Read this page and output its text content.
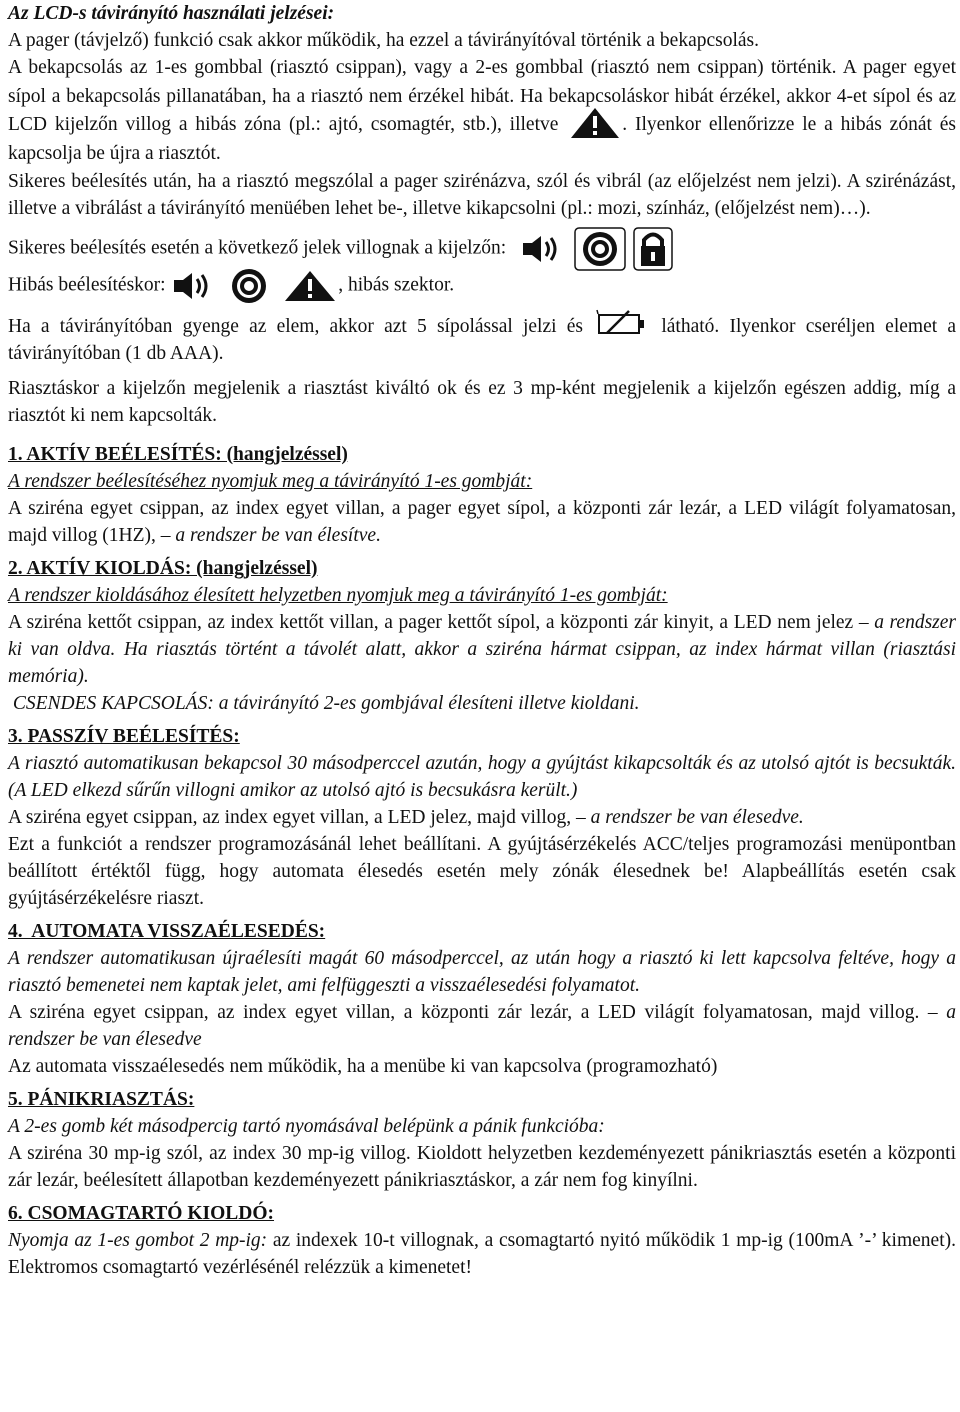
Az LCD-s távirányító használati jelzései:

A pager (távjelző) funkció csak akkor működik, ha ezzel a távirányítóval történik a bekapcsolás.

A bekapcsolás az 1-es gombbal (riasztó csippan), vagy a 2-es gombbal (riasztó nem csippan) történik. A pager egyet sípol a bekapcsolás pillanatában, ha a riasztó nem érzékel hibát. Ha bekapcsoláskor hibát érzékel, akkor 4-et sípol és az LCD kijelzőn villog a hibás zóna (pl.: ajtó, csomagtér, stb.), illetve	. Ilyenkor ellenőrizze le a hibás zónát és kapcsolja be újra a riasztót.

Sikeres beélesítés után, ha a riasztó megszólal a pager szirénázva, szól és vibrál (az előjelzést nem jelzi). A szirénázást, illetve a vibrálást a távirányító menüében lehet be-, illetve kikapcsolni (pl.: mozi, színház, (előjelzést nem)…).

Sikeres beélesítés esetén a következő jelek villognak a kijelzőn:

Hibás beélesítéskor:	, hibás szektor.

Ha a távirányítóban gyenge az elem, akkor azt 5 sípolással jelzi és	látható. Ilyenkor cseréljen elemet a távirányítóban (1 db AAA).

Riasztáskor a kijelzőn megjelenik a riasztást kiváltó ok és ez 3 mp-ként megjelenik a kijelzőn egészen addig, míg a riasztót ki nem kapcsolták.

1. AKTÍV BEÉLESÍTÉS: (hangjelzéssel)

A rendszer beélesítéséhez nyomjuk meg a távirányító 1-es gombját:

A sziréna egyet csippan, az index egyet villan, a pager egyet sípol, a központi zár lezár, a LED világít folyamatosan, majd villog (1HZ), – a rendszer be van élesítve.

2. AKTÍV KIOLDÁS: (hangjelzéssel)

A rendszer kioldásához élesített helyzetben nyomjuk meg a távirányító 1-es gombját:

A sziréna kettőt csippan, az index kettőt villan, a pager kettőt sípol, a központi zár kinyit, a LED nem jelez – a rendszer ki van oldva. Ha riasztás történt a távolét alatt, akkor a sziréna hármat csippan, az index hármat villan (riasztási memória).

CSENDES KAPCSOLÁS: a távirányító 2-es gombjával élesíteni illetve kioldani.

3. PASSZÍV BEÉLESÍTÉS:

A riasztó automatikusan bekapcsol 30 másodperccel azután, hogy a gyújtást kikapcsolták és az utolsó ajtót is becsukták.(A LED elkezd sűrűn villogni amikor az utolsó ajtó is becsukásra került.)

A sziréna egyet csippan, az index egyet villan, a LED jelez, majd villog, – a rendszer be van élesedve.

Ezt a funkciót a rendszer programozásánál lehet beállítani. A gyújtásérzékelés ACC/teljes programozási menüpontban beállított értéktől függ, hogy automata élesedés esetén mely zónák élesednek be! Alapbeállítás esetén csak gyújtásérzékelésre riaszt.

4.  AUTOMATA VISSZAÉLESEDÉS:

A rendszer automatikusan újraélesíti magát 60 másodperccel, az után hogy a riasztó ki lett kapcsolva feltéve, hogy a riasztó bemenetei nem kaptak jelet, ami felfüggeszti a visszaélesedési folyamatot.

A sziréna egyet csippan, az index egyet villan, a központi zár lezár, a LED világít folyamatosan, majd villog. – a rendszer be van élesedve

Az automata visszaélesedés nem működik, ha a menübe ki van kapcsolva (programozható)

5. PÁNIKRIASZTÁS:

A 2-es gomb két másodpercig tartó nyomásával belépünk a pánik funkcióba:

A sziréna 30 mp-ig szól, az index 30 mp-ig villog. Kioldott helyzetben kezdeményezett pánikriasztás esetén a központi zár lezár, beélesített állapotban kezdeményezett pánikriasztáskor, a zár nem fog kinyílni.

6. CSOMAGTARTÓ KIOLDÓ:

Nyomja az 1-es gombot 2 mp-ig: az indexek 10-t villognak, a csomagtartó nyitó működik 1 mp-ig (100mA ’-’ kimenet). Elektromos csomagtartó vezérlésénél relézzük a kimenetet!
